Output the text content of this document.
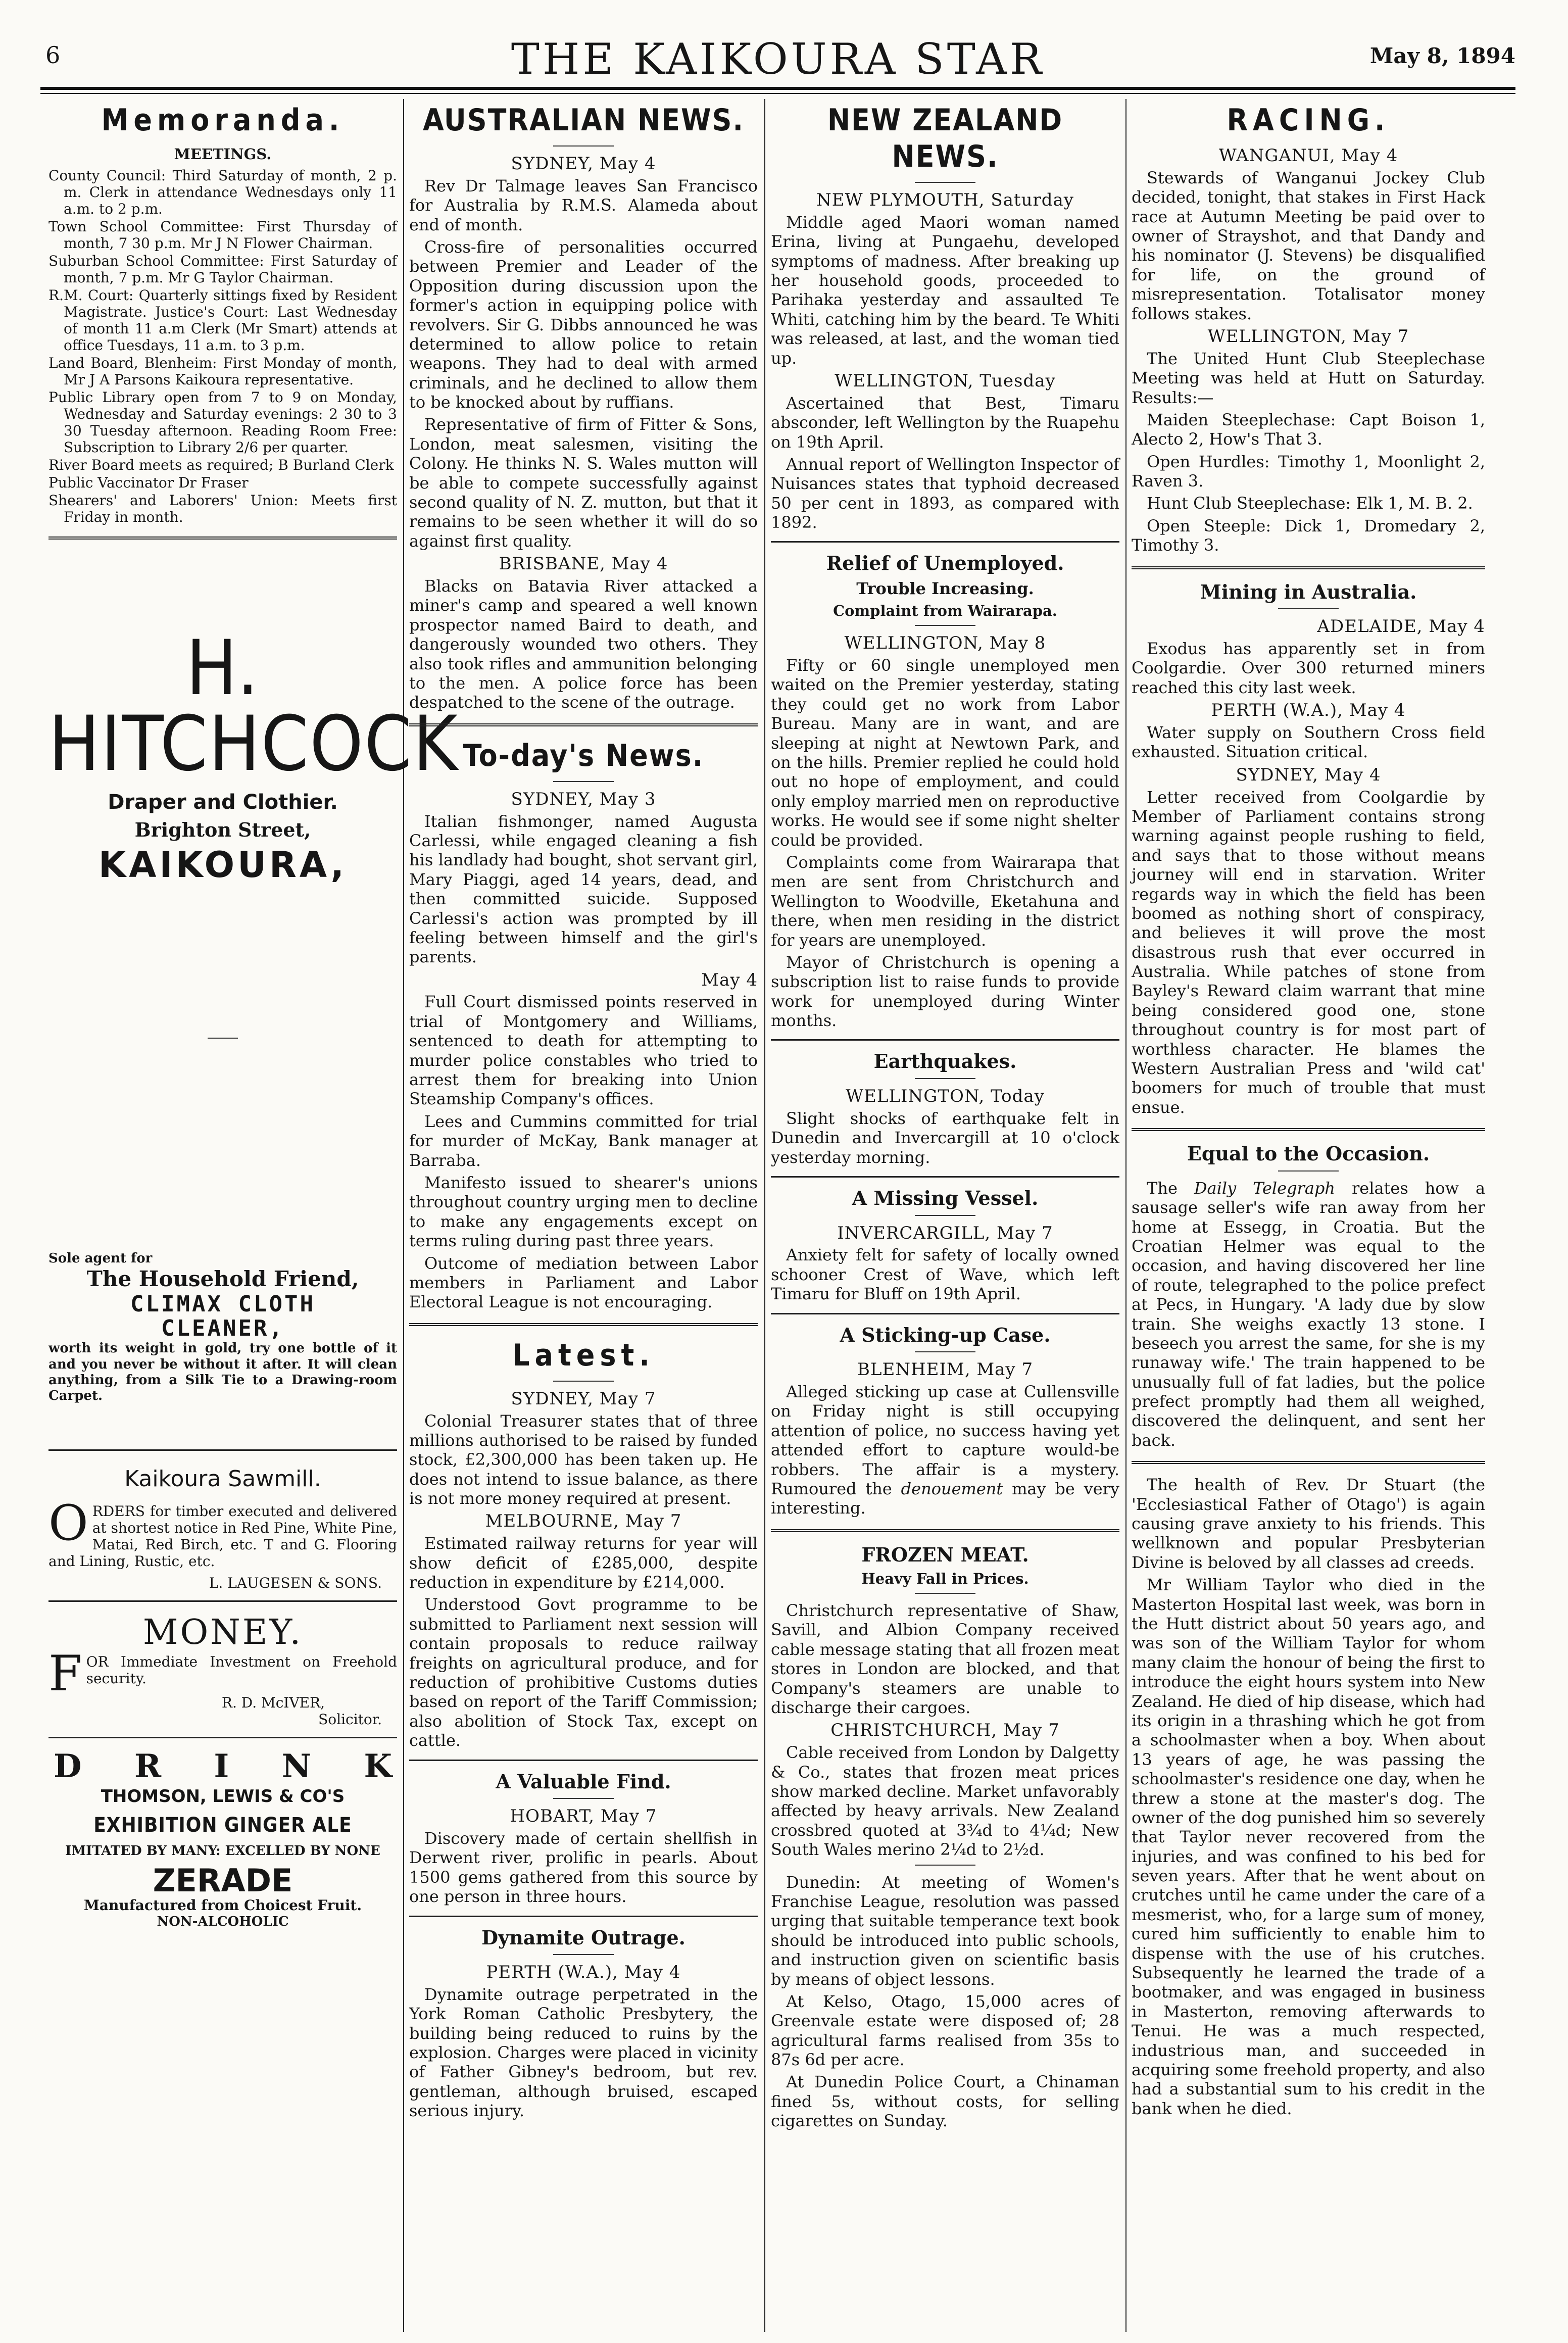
6	THE KAIKOURA STAR	May 8, 1894
Memoranda.
MEETINGS.

County Council: Third Saturday of month, 2 p. m. Clerk in attendance Wednesdays only 11 a.m. to 2 p.m.

Town School Committee: First Thursday of month, 7 30 p.m. Mr J N Flower Chairman.

Suburban School Committee: First Saturday of month, 7 p.m. Mr G Taylor Chairman.

R.M. Court: Quarterly sittings fixed by Resident Magistrate. Justice's Court: Last Wednesday of month 11 a.m Clerk (Mr Smart) attends at office Tuesdays, 11 a.m. to 3 p.m.

Land Board, Blenheim: First Monday of month, Mr J A Parsons Kaikoura representative.

Public Library open from 7 to 9 on Monday, Wednesday and Saturday evenings: 2 30 to 3 30 Tuesday afternoon. Reading Room Free: Subscription to Library 2/6 per quarter.

River Board meets as required; B Burland Clerk

Public Vaccinator Dr Fraser

Shearers' and Laborers' Union: Meets first Friday in month.

H. HITCHCOCK
Draper and Clothier.
Brighton Street,
KAIKOURA,
Sole agent for
The Household Friend,
CLIMAX CLOTH
CLEANER,
worth its weight in gold, try one bottle of it and you never be without it after. It will clean anything, from a Silk Tie to a Drawing-room Carpet.
Kaikoura Sawmill.
ORDERS for timber executed and delivered at shortest notice in Red Pine, White Pine, Matai, Red Birch, etc. T and G. Flooring and Lining, Rustic, etc.
L. LAUGESEN & SONS.
MONEY.
FOR Immediate Investment on Freehold security.
R. D. McIVER,
Solicitor.
D R I N K
THOMSON, LEWIS & CO'S
EXHIBITION GINGER ALE
IMITATED BY MANY: EXCELLED BY NONE
ZERADE
Manufactured from Choicest Fruit.
NON-ALCOHOLIC
AUSTRALIAN NEWS.
SYDNEY, May 4

Rev Dr Talmage leaves San Francisco for Australia by R.M.S. Alameda about end of month.

Cross-fire of personalities occurred between Premier and Leader of the Opposition during discussion upon the former's action in equipping police with revolvers. Sir G. Dibbs announced he was determined to allow police to retain weapons. They had to deal with armed criminals, and he declined to allow them to be knocked about by ruffians.

Representative of firm of Fitter & Sons, London, meat salesmen, visiting the Colony. He thinks N. S. Wales mutton will be able to compete successfully against second quality of N. Z. mutton, but that it remains to be seen whether it will do so against first quality.

BRISBANE, May 4

Blacks on Batavia River attacked a miner's camp and speared a well known prospector named Baird to death, and dangerously wounded two others. They also took rifles and ammunition belonging to the men. A police force has been despatched to the scene of the outrage.

To-day's News.
SYDNEY, May 3

Italian fishmonger, named Augusta Carlessi, while engaged cleaning a fish his landlady had bought, shot servant girl, Mary Piaggi, aged 14 years, dead, and then committed suicide. Supposed Carlessi's action was prompted by ill feeling between himself and the girl's parents.

May 4

Full Court dismissed points reserved in trial of Montgomery and Williams, sentenced to death for attempting to murder police constables who tried to arrest them for breaking into Union Steamship Company's offices.

Lees and Cummins committed for trial for murder of McKay, Bank manager at Barraba.

Manifesto issued to shearer's unions throughout country urging men to decline to make any engagements except on terms ruling during past three years.

Outcome of mediation between Labor members in Parliament and Labor Electoral League is not encouraging.

Latest.
SYDNEY, May 7

Colonial Treasurer states that of three millions authorised to be raised by funded stock, £2,300,000 has been taken up. He does not intend to issue balance, as there is not more money required at present.

MELBOURNE, May 7

Estimated railway returns for year will show deficit of £285,000, despite reduction in expenditure by £214,000.

Understood Govt programme to be submitted to Parliament next session will contain proposals to reduce railway freights on agricultural produce, and for reduction of prohibitive Customs duties based on report of the Tariff Commission; also abolition of Stock Tax, except on cattle.

A Valuable Find.
HOBART, May 7

Discovery made of certain shellfish in Derwent river, prolific in pearls. About 1500 gems gathered from this source by one person in three hours.

Dynamite Outrage.
PERTH (W.A.), May 4

Dynamite outrage perpetrated in the York Roman Catholic Presbytery, the building being reduced to ruins by the explosion. Charges were placed in vicinity of Father Gibney's bedroom, but rev. gentleman, although bruised, escaped serious injury.

NEW ZEALAND NEWS.
NEW PLYMOUTH, Saturday

Middle aged Maori woman named Erina, living at Pungaehu, developed symptoms of madness. After breaking up her household goods, proceeded to Parihaka yesterday and assaulted Te Whiti, catching him by the beard. Te Whiti was released, at last, and the woman tied up.

WELLINGTON, Tuesday

Ascertained that Best, Timaru absconder, left Wellington by the Ruapehu on 19th April.

Annual report of Wellington Inspector of Nuisances states that typhoid decreased 50 per cent in 1893, as compared with 1892.

Relief of Unemployed.
Trouble Increasing.
Complaint from Wairarapa.
WELLINGTON, May 8

Fifty or 60 single unemployed men waited on the Premier yesterday, stating they could get no work from Labor Bureau. Many are in want, and are sleeping at night at Newtown Park, and on the hills. Premier replied he could hold out no hope of employment, and could only employ married men on reproductive works. He would see if some night shelter could be provided.

Complaints come from Wairarapa that men are sent from Christchurch and Wellington to Woodville, Eketahuna and there, when men residing in the district for years are unemployed.

Mayor of Christchurch is opening a subscription list to raise funds to provide work for unemployed during Winter months.

Earthquakes.
WELLINGTON, Today

Slight shocks of earthquake felt in Dunedin and Invercargill at 10 o'clock yesterday morning.

A Missing Vessel.
INVERCARGILL, May 7

Anxiety felt for safety of locally owned schooner Crest of Wave, which left Timaru for Bluff on 19th April.

A Sticking-up Case.
BLENHEIM, May 7

Alleged sticking up case at Cullensville on Friday night is still occupying attention of police, no success having yet attended effort to capture would-be robbers. The affair is a mystery. Rumoured the denouement may be very interesting.

FROZEN MEAT.
Heavy Fall in Prices.

Christchurch representative of Shaw, Savill, and Albion Company received cable message stating that all frozen meat stores in London are blocked, and that Company's steamers are unable to discharge their cargoes.

CHRISTCHURCH, May 7

Cable received from London by Dalgetty & Co., states that frozen meat prices show marked decline. Market unfavorably affected by heavy arrivals. New Zealand crossbred quoted at 3¾d to 4¼d; New South Wales merino 2¼d to 2½d.

Dunedin: At meeting of Women's Franchise League, resolution was passed urging that suitable temperance text book should be introduced into public schools, and instruction given on scientific basis by means of object lessons.

At Kelso, Otago, 15,000 acres of Greenvale estate were disposed of; 28 agricultural farms realised from 35s to 87s 6d per acre.

At Dunedin Police Court, a Chinaman fined 5s, without costs, for selling cigarettes on Sunday.

RACING.
WANGANUI, May 4

Stewards of Wanganui Jockey Club decided, tonight, that stakes in First Hack race at Autumn Meeting be paid over to owner of Strayshot, and that Dandy and his nominator (J. Stevens) be disqualified for life, on the ground of misrepresentation. Totalisator money follows stakes.

WELLINGTON, May 7

The United Hunt Club Steeplechase Meeting was held at Hutt on Saturday. Results:—

Maiden Steeplechase: Capt Boison 1, Alecto 2, How's That 3.

Open Hurdles: Timothy 1, Moonlight 2, Raven 3.

Hunt Club Steeplechase: Elk 1, M. B. 2.

Open Steeple: Dick 1, Dromedary 2, Timothy 3.

Mining in Australia.
ADELAIDE, May 4

Exodus has apparently set in from Coolgardie. Over 300 returned miners reached this city last week.

PERTH (W.A.), May 4

Water supply on Southern Cross field exhausted. Situation critical.

SYDNEY, May 4

Letter received from Coolgardie by Member of Parliament contains strong warning against people rushing to field, and says that to those without means journey will end in starvation. Writer regards way in which the field has been boomed as nothing short of conspiracy, and believes it will prove the most disastrous rush that ever occurred in Australia. While patches of stone from Bayley's Reward claim warrant that mine being considered good one, stone throughout country is for most part of worthless character. He blames the Western Australian Press and 'wild cat' boomers for much of trouble that must ensue.

Equal to the Occasion.

The Daily Telegraph relates how a sausage seller's wife ran away from her home at Essegg, in Croatia. But the Croatian Helmer was equal to the occasion, and having discovered her line of route, telegraphed to the police prefect at Pecs, in Hungary. 'A lady due by slow train. She weighs exactly 13 stone. I beseech you arrest the same, for she is my runaway wife.' The train happened to be unusually full of fat ladies, but the police prefect promptly had them all weighed, discovered the delinquent, and sent her back.

The health of Rev. Dr Stuart (the 'Ecclesiastical Father of Otago') is again causing grave anxiety to his friends. This wellknown and popular Presbyterian Divine is beloved by all classes ad creeds.

Mr William Taylor who died in the Masterton Hospital last week, was born in the Hutt district about 50 years ago, and was son of the William Taylor for whom many claim the honour of being the first to introduce the eight hours system into New Zealand. He died of hip disease, which had its origin in a thrashing which he got from a schoolmaster when a boy. When about 13 years of age, he was passing the schoolmaster's residence one day, when he threw a stone at the master's dog. The owner of the dog punished him so severely that Taylor never recovered from the injuries, and was confined to his bed for seven years. After that he went about on crutches until he came under the care of a mesmerist, who, for a large sum of money, cured him sufficiently to enable him to dispense with the use of his crutches. Subsequently he learned the trade of a bootmaker, and was engaged in business in Masterton, removing afterwards to Tenui. He was a much respected, industrious man, and succeeded in acquiring some freehold property, and also had a substantial sum to his credit in the bank when he died.
